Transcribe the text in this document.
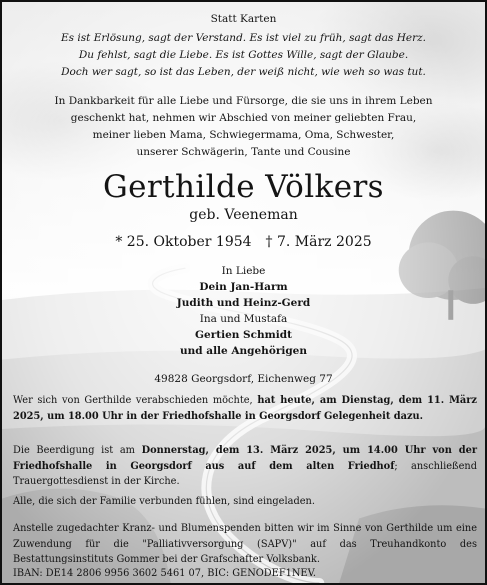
Statt Karten
Es ist Erlösung, sagt der Verstand. Es ist viel zu früh, sagt das Herz.
Du fehlst, sagt die Liebe. Es ist Gottes Wille, sagt der Glaube.
Doch wer sagt, so ist das Leben, der weiß nicht, wie weh so was tut.
In Dankbarkeit für alle Liebe und Fürsorge, die sie uns in ihrem Leben
geschenkt hat, nehmen wir Abschied von meiner geliebten Frau,
meiner lieben Mama, Schwiegermama, Oma, Schwester,
unserer Schwägerin, Tante und Cousine
Gerthilde Völkers
geb. Veeneman
* 25. Oktober 1954 † 7. März 2025
In Liebe
Dein Jan-Harm
Judith und Heinz-Gerd
Ina und Mustafa
Gertien Schmidt
und alle Angehörigen
49828 Georgsdorf, Eichenweg 77
Wer sich von Gerthilde verabschieden möchte, hat heute, am Dienstag, dem 11. März 2025, um 18.00 Uhr in der Friedhofshalle in Georgsdorf Gelegenheit dazu.
Die Beerdigung ist am Donnerstag, dem 13. März 2025, um 14.00 Uhr von der Friedhofshalle in Georgsdorf aus auf dem alten Friedhof; anschließend Trauergottesdienst in der Kirche.
Alle, die sich der Familie verbunden fühlen, sind eingeladen.
Anstelle zugedachter Kranz- und Blumenspenden bitten wir im Sinne von Gerthilde um eine Zuwendung für die "Palliativversorgung (SAPV)" auf das Treuhandkonto des Bestattungsinstituts Gommer bei der Grafschafter Volksbank.
IBAN: DE14 2806 9956 3602 5461 07, BIC: GENODEF1NEV.
